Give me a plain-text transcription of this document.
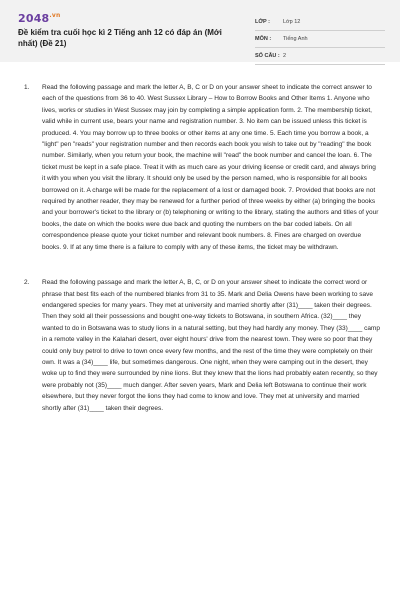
$2048^{.vn}$
Đề kiểm tra cuối học kì 2 Tiếng anh 12 có đáp án (Mới nhất) (Đề 21)
LỚP :	Lớp 12
MÔN :	Tiếng Anh
SỐ CÂU : 2
1.	Read the following passage and mark the letter A, B, C or D on your answer sheet to indicate the correct answer to each of the questions from 36 to 40. West Sussex Library – How to Borrow Books and Other Items 1. Anyone who lives, works or studies in West Sussex may join by completing a simple application form. 2. The membership ticket, valid while in current use, bears your name and registration number. 3. No item can be issued unless this ticket is produced. 4. You may borrow up to three books or other items at any one time. 5. Each time you borrow a book, a "light" pen "reads" your registration number and then records each book you wish to take out by "reading" the book number. Similarly, when you return your book, the machine will "read" the book number and cancel the loan. 6. The ticket must be kept in a safe place. Treat it with as much care as your driving license or credit card, and always bring it with you when you visit the library. It should only be used by the person named, who is responsible for all books borrowed on it. A charge will be made for the replacement of a lost or damaged book. 7. Provided that books are not required by another reader, they may be renewed for a further period of three weeks by either (a) bringing the books and your borrower's ticket to the library or (b) telephoning or writing to the library, stating the authors and titles of your books, the date on which the books were due back and quoting the numbers on the bar coded labels. On all correspondence please quote your ticket number and relevant book numbers. 8. Fines are charged on overdue books. 9. If at any time there is a failure to comply with any of these items, the ticket may be withdrawn.
2.	Read the following passage and mark the letter A, B, C, or D on your answer sheet to indicate the correct word or phrase that best fits each of the numbered blanks from 31 to 35. Mark and Delia Owens have been working to save endangered species for many years. They met at university and married shortly after (31)____ taken their degrees. Then they sold all their possessions and bought one-way tickets to Botswana, in southern Africa. (32)____ they wanted to do in Botswana was to study lions in a natural setting, but they had hardly any money. They (33)____ camp in a remote valley in the Kalahari desert, over eight hours' drive from the nearest town. They were so poor that they could only buy petrol to drive to town once every few months, and the rest of the time they were completely on their own. It was a (34)____ life, but sometimes dangerous. One night, when they were camping out in the desert, they woke up to find they were surrounded by nine lions. But they knew that the lions had probably eaten recently, so they were probably not (35)____ much danger. After seven years, Mark and Delia left Botswana to continue their work elsewhere, but they never forgot the lions they had come to know and love. They met at university and married shortly after (31)____ taken their degrees.
